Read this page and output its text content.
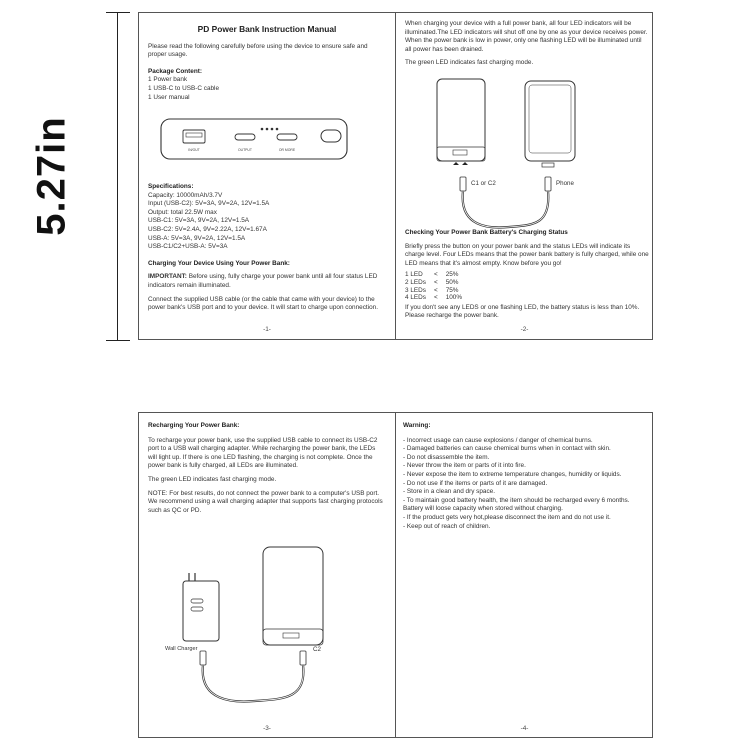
5.27in

PD Power Bank Instruction Manual

Please read the following carefully before using the device to ensure safe and proper usage.

Package Content:

1 Power bank

1 USB-C to USB-C cable

1 User manual

IN/OUT	OUTPUT	OR MORE

Specifications:

Capacity: 10000mAh/3.7V

Input (USB-C2): 5V=3A, 9V=2A, 12V=1.5A

Output: total 22.5W max

USB-C1: 5V=3A, 9V=2A, 12V=1.5A

USB-C2: 5V=2.4A, 9V=2.22A, 12V=1.67A

USB-A: 5V=3A, 9V=2A, 12V=1.5A

USB-C1/C2+USB-A: 5V=3A

Charging Your Device Using Your Power Bank:

IMPORTANT: Before using, fully charge your power bank until all four status LED indicators remain illuminated.

Connect the supplied USB cable (or the cable that came with your device) to the power bank's USB port and to your device. It will start to charge upon connection.

-1-

When charging your device with a full power bank, all four LED indicators will be illuminated.The LED indicators will shut off one by one as your device receives power. When the power bank is low in power, only one flashing LED will be illuminated until all power has been drained.

The green LED indicates fast charging mode.

C1 or C2	Phone

Checking Your Power Bank Battery's Charging Status

Briefly press the button on your power bank and the status LEDs will indicate its charge level. Four LEDs means that the power bank battery is fully charged, while one LED means that it's almost empty. Know before you go!

1 LED	<	25%
2 LEDs	<	50%
3 LEDs	<	75%
4 LEDs	<	100%

If you don't see any LEDS or one flashing LED, the battery status is less than 10%. Please recharge the power bank.

-2-

Recharging Your Power Bank:

To recharge your power bank, use the supplied USB cable to connect its USB-C2 port to a USB wall charging adapter. While recharging the power bank, the LEDs will light up. If there is one LED flashing, the charging is not complete. Once the power bank is fully charged, all LEDs are illuminated.

The green LED indicates fast charging mode.

NOTE: For best results, do not connect the power bank to a computer's USB port. We recommend using a wall charging adapter that supports fast charging protocols such as QC or PD.

Wall Charger	C2
-3-

Warning:

- Incorrect usage can cause explosions / danger of chemical burns.
- Damaged batteries can cause chemical burns when in contact with skin.
- Do not disassemble the item.
- Never throw the item or parts of it into fire.
- Never expose the item to extreme temperature changes, humidity or liquids.
- Do not use if the items or parts of it are damaged.
- Store in a clean and dry space.
- To maintain good battery health, the item should be recharged every 6 months. Battery will loose capacity when stored without charging.
- If the product gets very hot,please disconnect the item and do not use it.
- Keep out of reach of children.
-4-
